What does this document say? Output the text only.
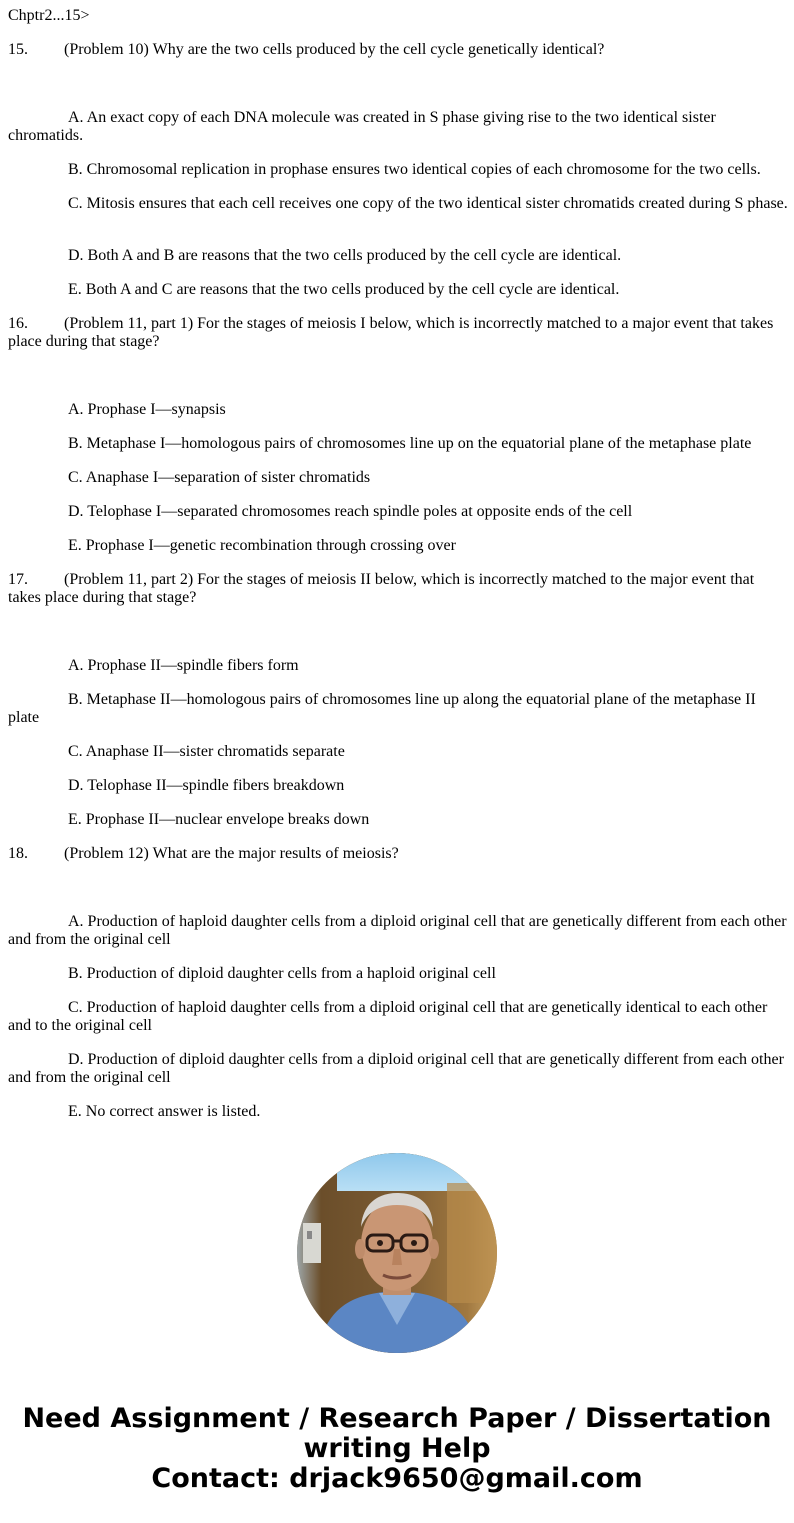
Chptr2...15>

15. (Problem 10) Why are the two cells produced by the cell cycle genetically identical?

A. An exact copy of each DNA molecule was created in S phase giving rise to the two identical sister chromatids.

B. Chromosomal replication in prophase ensures two identical copies of each chromosome for the two cells.

C. Mitosis ensures that each cell receives one copy of the two identical sister chromatids created during S phase.

D. Both A and B are reasons that the two cells produced by the cell cycle are identical.

E. Both A and C are reasons that the two cells produced by the cell cycle are identical.

16. (Problem 11, part 1) For the stages of meiosis I below, which is incorrectly matched to a major event that takes place during that stage?

A. Prophase I—synapsis

B. Metaphase I—homologous pairs of chromosomes line up on the equatorial plane of the metaphase plate

C. Anaphase I—separation of sister chromatids

D. Telophase I—separated chromosomes reach spindle poles at opposite ends of the cell

E. Prophase I—genetic recombination through crossing over

17. (Problem 11, part 2) For the stages of meiosis II below, which is incorrectly matched to the major event that takes place during that stage?

A. Prophase II—spindle fibers form

B. Metaphase II—homologous pairs of chromosomes line up along the equatorial plane of the metaphase II plate

C. Anaphase II—sister chromatids separate

D. Telophase II—spindle fibers breakdown

E. Prophase II—nuclear envelope breaks down

18. (Problem 12) What are the major results of meiosis?

A. Production of haploid daughter cells from a diploid original cell that are genetically different from each other and from the original cell

B. Production of diploid daughter cells from a haploid original cell

C. Production of haploid daughter cells from a diploid original cell that are genetically identical to each other and to the original cell

D. Production of diploid daughter cells from a diploid original cell that are genetically different from each other and from the original cell

E. No correct answer is listed.

Need Assignment / Research Paper / Dissertation
writing Help
Contact: drjack9650@gmail.com
